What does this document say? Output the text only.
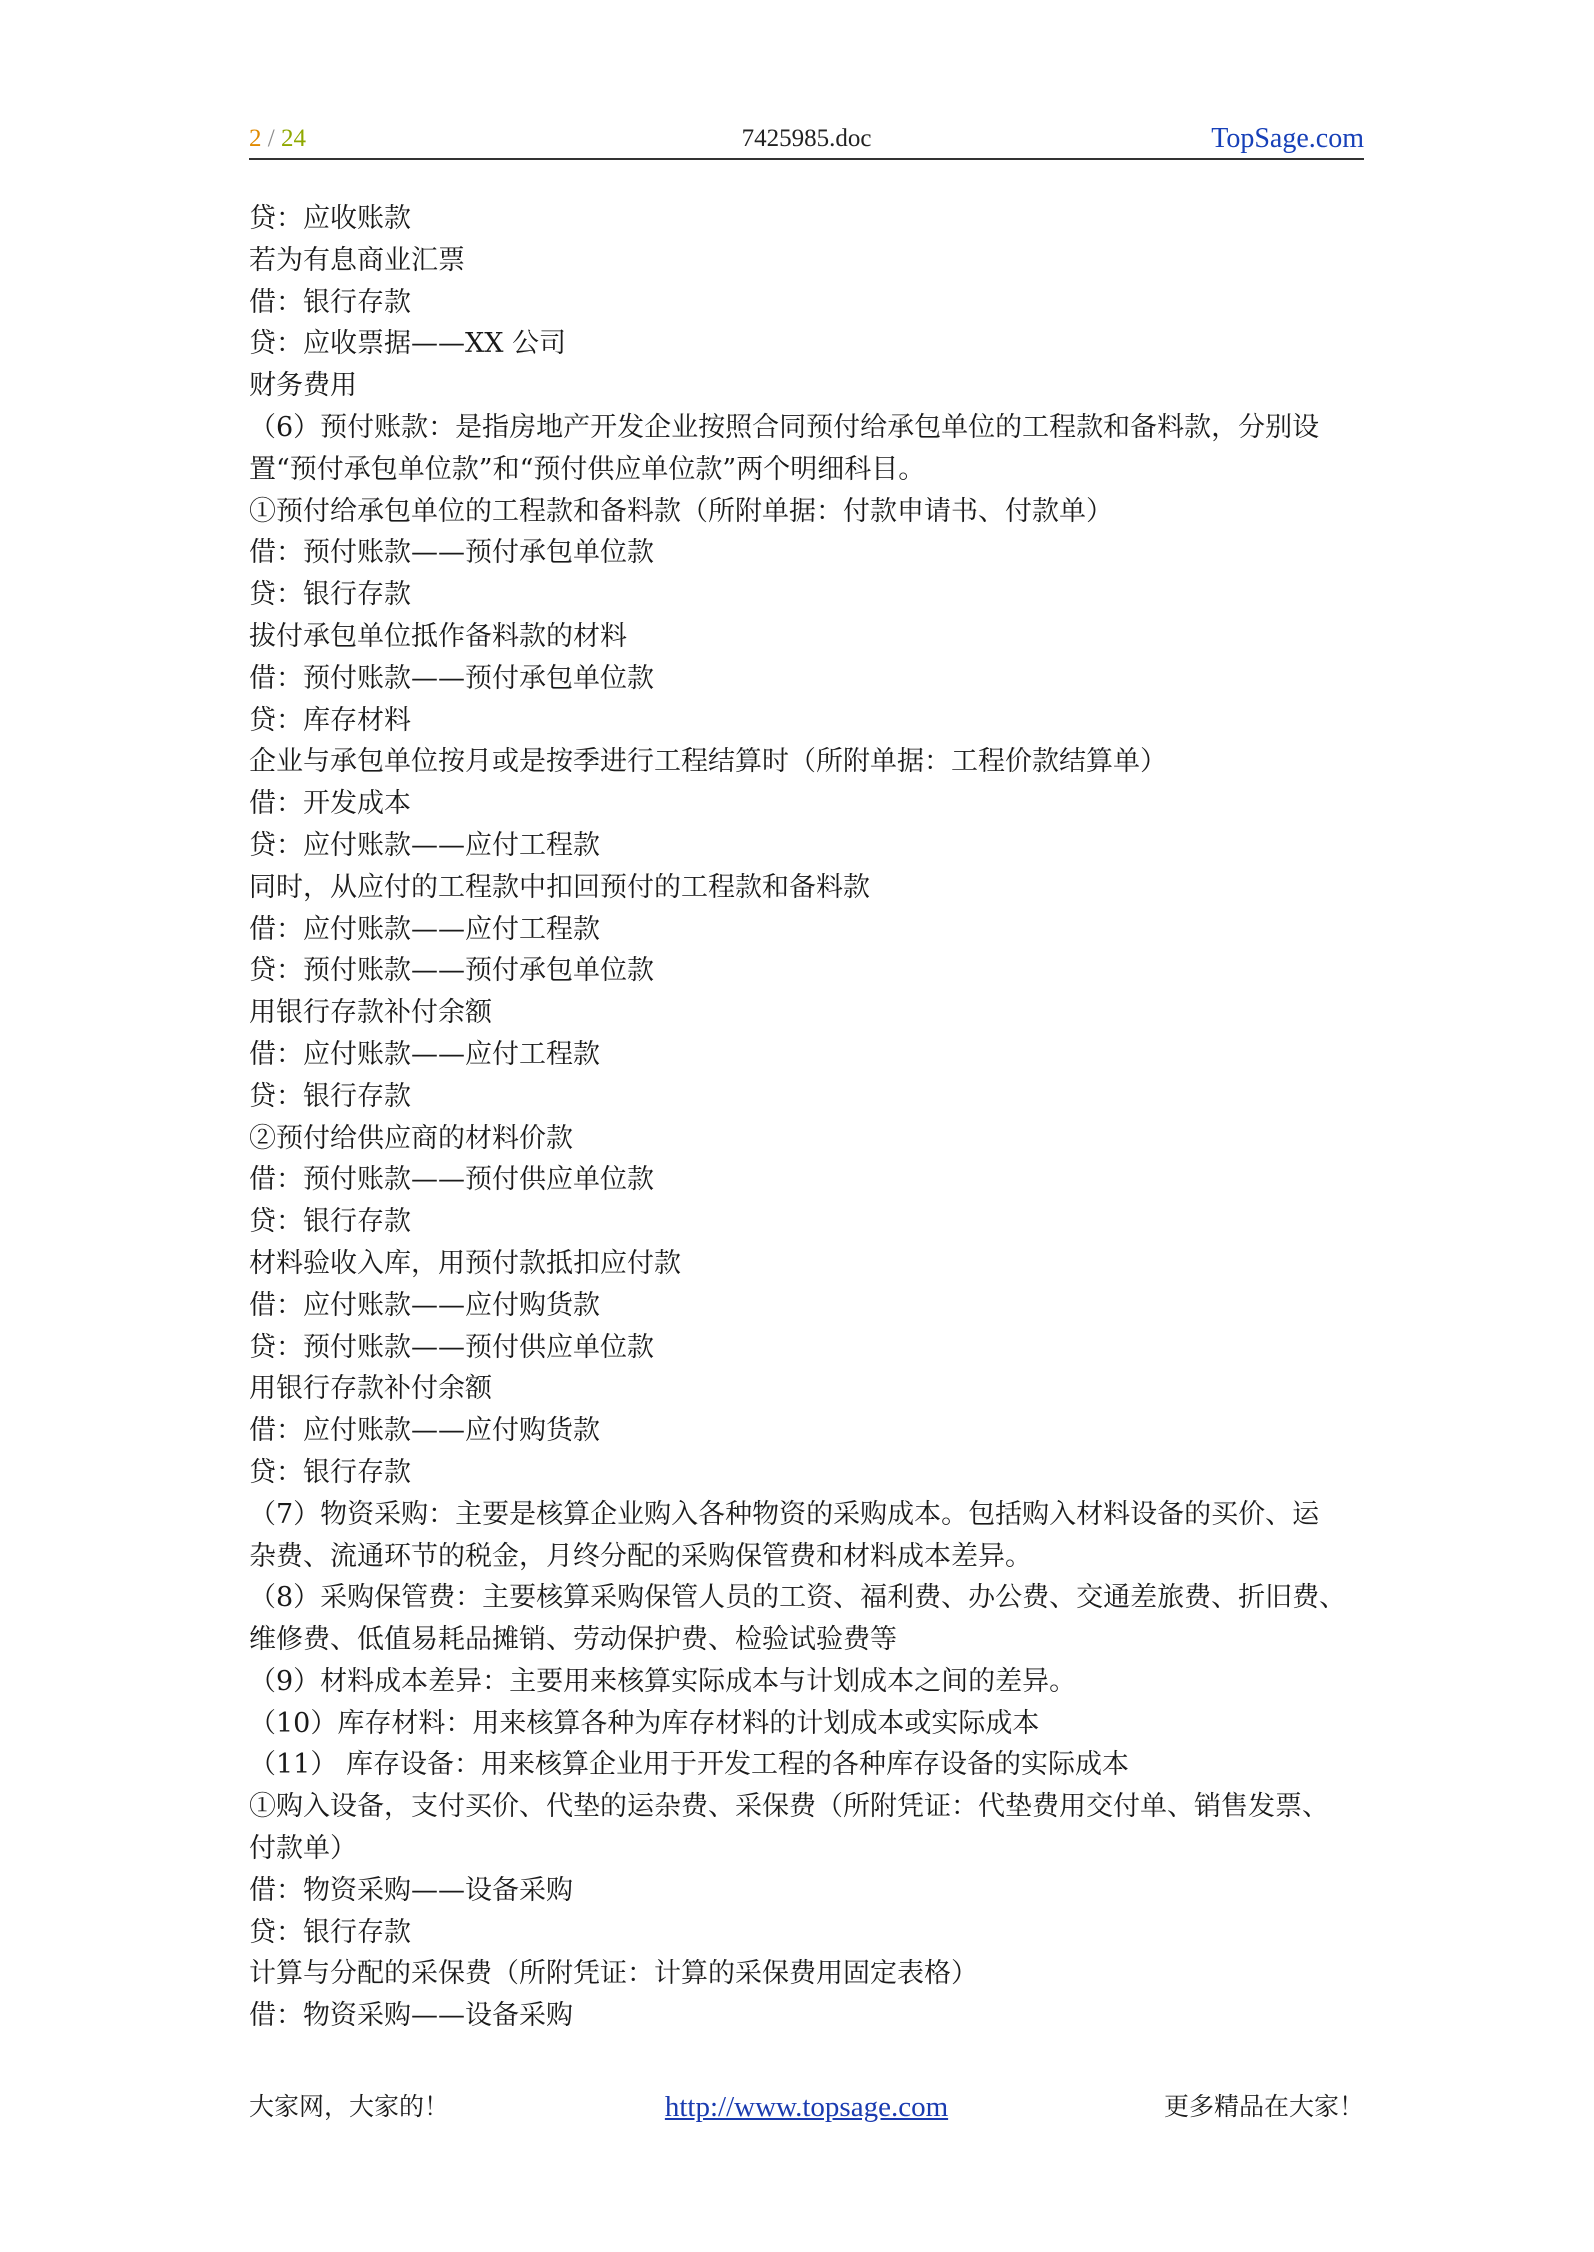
2 / 24	7425985.doc	TopSage.com
贷：应收账款
若为有息商业汇票
借：银行存款
贷：应收票据——XX 公司
财务费用
（6）预付账款：是指房地产开发企业按照合同预付给承包单位的工程款和备料款，分别设
置“预付承包单位款”和“预付供应单位款”两个明细科目。
①预付给承包单位的工程款和备料款（所附单据：付款申请书、付款单）
借：预付账款——预付承包单位款
贷：银行存款
拔付承包单位抵作备料款的材料
借：预付账款——预付承包单位款
贷：库存材料
企业与承包单位按月或是按季进行工程结算时（所附单据：工程价款结算单）
借：开发成本
贷：应付账款——应付工程款
同时，从应付的工程款中扣回预付的工程款和备料款
借：应付账款——应付工程款
贷：预付账款——预付承包单位款
用银行存款补付余额
借：应付账款——应付工程款
贷：银行存款
②预付给供应商的材料价款
借：预付账款——预付供应单位款
贷：银行存款
材料验收入库，用预付款抵扣应付款
借：应付账款——应付购货款
贷：预付账款——预付供应单位款
用银行存款补付余额
借：应付账款——应付购货款
贷：银行存款
（7）物资采购：主要是核算企业购入各种物资的采购成本。包括购入材料设备的买价、运
杂费、流通环节的税金，月终分配的采购保管费和材料成本差异。
（8）采购保管费：主要核算采购保管人员的工资、福利费、办公费、交通差旅费、折旧费、
维修费、低值易耗品摊销、劳动保护费、检验试验费等
（9）材料成本差异：主要用来核算实际成本与计划成本之间的差异。
（10）库存材料：用来核算各种为库存材料的计划成本或实际成本
（11） 库存设备：用来核算企业用于开发工程的各种库存设备的实际成本
①购入设备，支付买价、代垫的运杂费、采保费（所附凭证：代垫费用交付单、销售发票、
付款单）
借：物资采购——设备采购
贷：银行存款
计算与分配的采保费（所附凭证：计算的采保费用固定表格）
借：物资采购——设备采购
大家网，大家的！	http://www.topsage.com	更多精品在大家！
